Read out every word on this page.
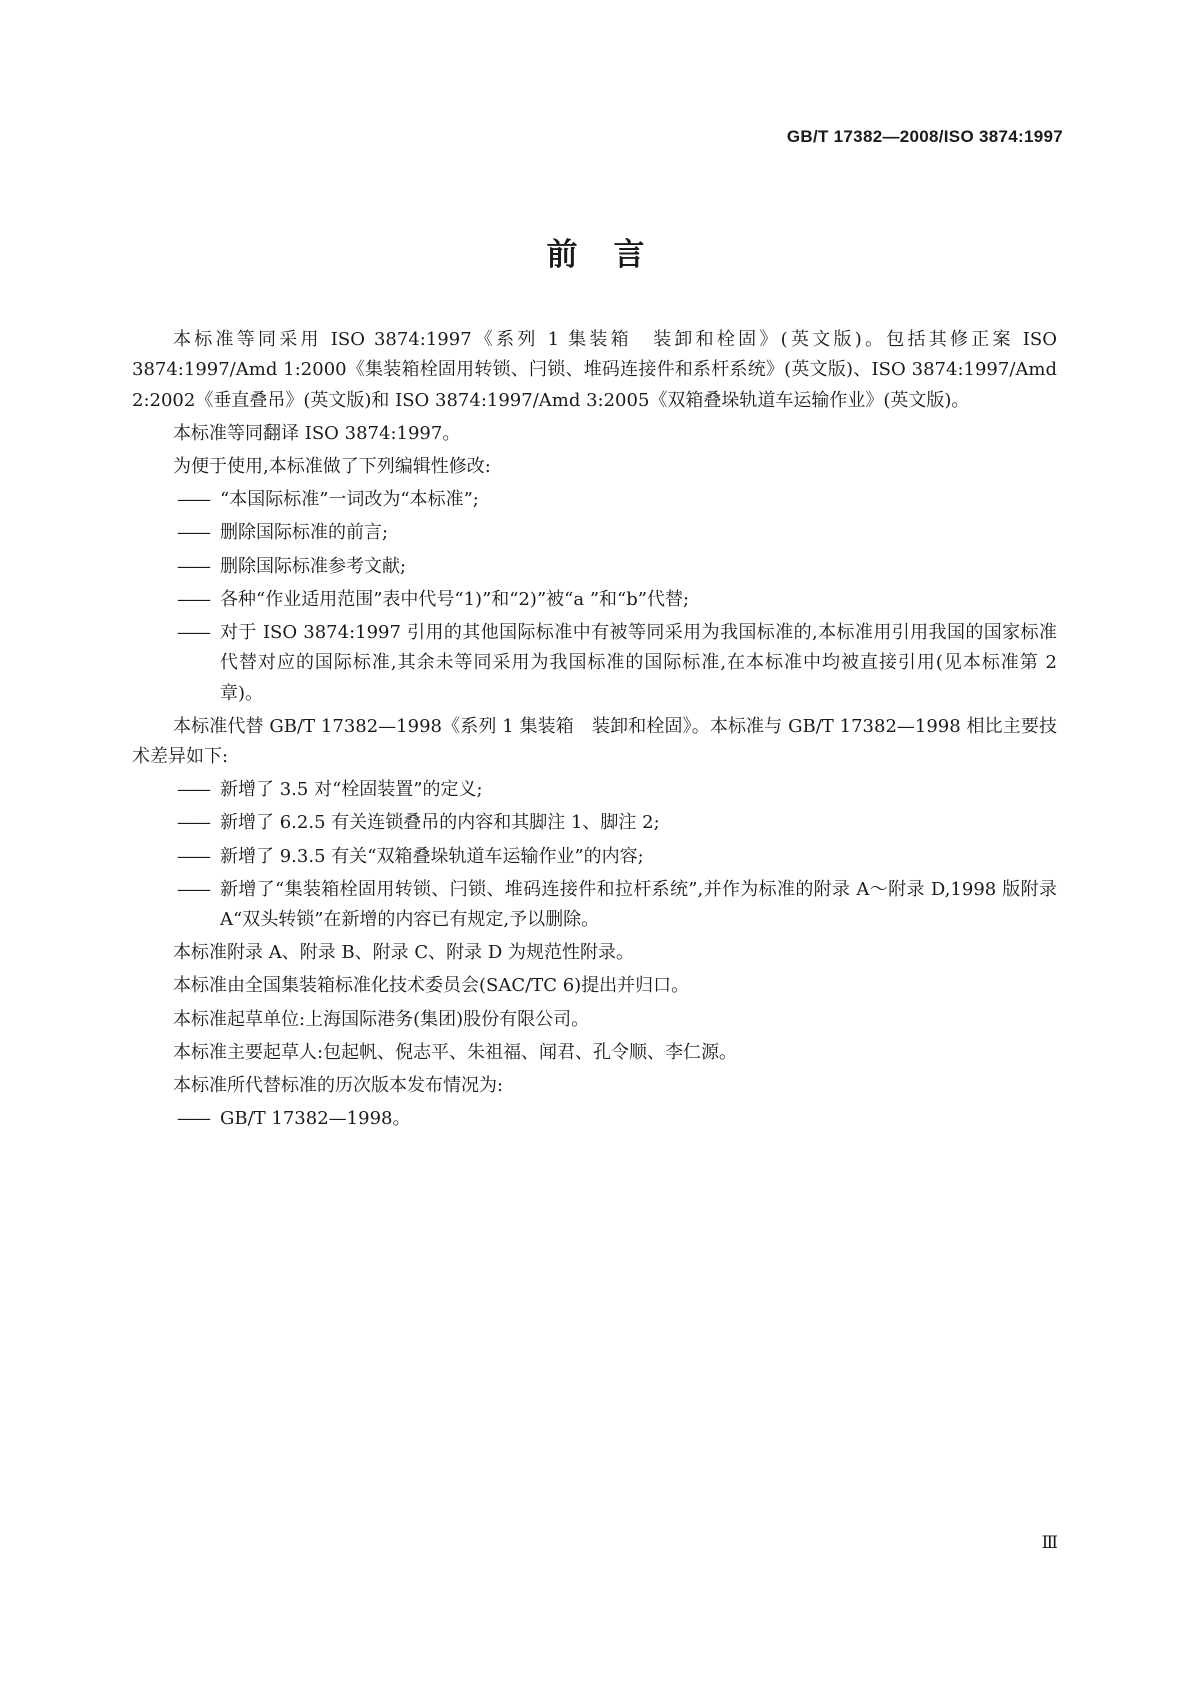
GB/T 17382—2008/ISO 3874:1997
前言

本标准等同采用 ISO 3874:1997《系列 1 集装箱　装卸和栓固》(英文版)。包括其修正案 ISO 3874:1997/Amd 1:2000《集装箱栓固用转锁、闩锁、堆码连接件和系杆系统》(英文版)、ISO 3874:1997/Amd 2:2002《垂直叠吊》(英文版)和 ISO 3874:1997/Amd 3:2005《双箱叠垛轨道车运输作业》(英文版)。

本标准等同翻译 ISO 3874:1997。

为便于使用,本标准做了下列编辑性修改:

—— “本国际标准”一词改为“本标准”;

—— 删除国际标准的前言;

—— 删除国际标准参考文献;

—— 各种“作业适用范围”表中代号“1)”和“2)”被“a ”和“b”代替;

—— 对于 ISO 3874:1997 引用的其他国际标准中有被等同采用为我国标准的,本标准用引用我国的国家标准代替对应的国际标准,其余未等同采用为我国标准的国际标准,在本标准中均被直接引用(见本标准第 2 章)。

本标准代替 GB/T 17382—1998《系列 1 集装箱　装卸和栓固》。本标准与 GB/T 17382—1998 相比主要技术差异如下:

—— 新增了 3.5 对“栓固装置”的定义;

—— 新增了 6.2.5 有关连锁叠吊的内容和其脚注 1、脚注 2;

—— 新增了 9.3.5 有关“双箱叠垛轨道车运输作业”的内容;

—— 新增了“集装箱栓固用转锁、闩锁、堆码连接件和拉杆系统”,并作为标准的附录 A～附录 D,1998 版附录 A“双头转锁”在新增的内容已有规定,予以删除。

本标准附录 A、附录 B、附录 C、附录 D 为规范性附录。

本标准由全国集装箱标准化技术委员会(SAC/TC 6)提出并归口。

本标准起草单位:上海国际港务(集团)股份有限公司。

本标准主要起草人:包起帆、倪志平、朱祖福、闻君、孔令顺、李仁源。

本标准所代替标准的历次版本发布情况为:

—— GB/T 17382—1998。

Ⅲ
